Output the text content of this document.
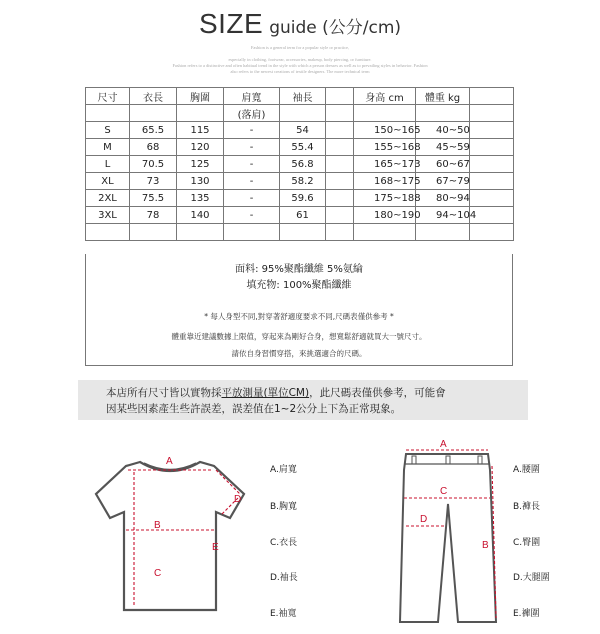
SIZE guide (公分/cm)
Fashion is a general term for a popular style or practice,
especially in clothing, footwear, accessories, makeup, body piercing, or furniture.
Fashion refers to a distinctive and often habitual trend in the style with which a person dresses as well as to prevailing styles in behavior. Fashion
also refers to the newest creations of textile designers. The more technical term
尺寸	衣長	胸圍	肩寬	袖長		身高 cm	體重 kg	
			(落肩)					
S	65.5	115	-	54		150~165	40~50	
M	68	120	-	55.4		155~168	45~59	
L	70.5	125	-	56.8		165~173	60~67	
XL	73	130	-	58.2		168~175	67~79	
2XL	75.5	135	-	59.6		175~188	80~94	
3XL	78	140	-	61		180~190	94~104	

面料: 95%聚酯纖維 5%氨綸
填充物: 100%聚酯纖維
* 每人身型不同,對穿著舒適度要求不同,尺碼表僅供參考 *
體重靠近建議數據上限值，穿起來為剛好合身，想寬鬆舒適就買大一號尺寸。
請依自身習慣穿搭，來挑選適合的尺碼。
本店所有尺寸皆以實物採平放測量(單位CM)，此尺碼表僅供參考，可能會
因某些因素產生些許誤差，誤差值在1~2公分上下為正常現象。
A
B
C
D
E
A.肩寬
B.胸寬
C.衣長
D.袖長
E.袖寬
A
B
C
D
A.腰圍
B.褲長
C.臀圍
D.大腿圍
E.褲圍
